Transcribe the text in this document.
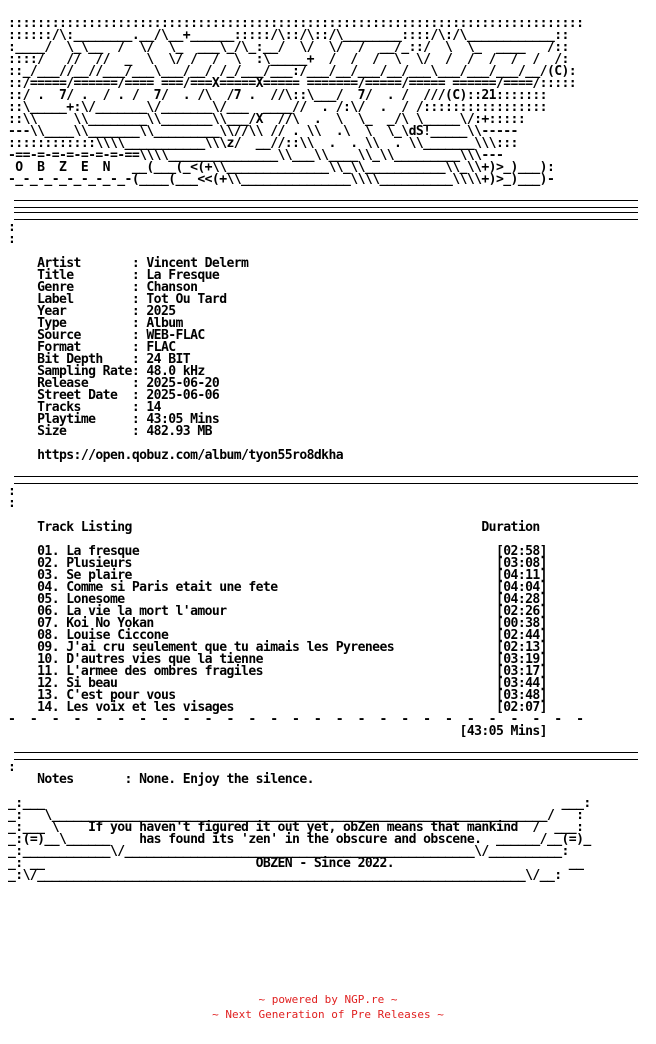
:::::::::::::::::::::::::::::::::::::::::::::::::::::::::::::::::::::::::::::::
::::::/\:________.__/\__+______:::::/\::/\::/\________::::/\:/\____________::
:____/  \_\__  /  \/  \_  ___\_/\_:__/  \/  \/  /  __/_::/  \  \_  ____   /::
::::/   //  //  _  \  \/ /  /  \  :\_____+  /  /  /  \  \/  /  /  /  /  /  /:
::_/___//__//___/___\___/__/ /_/___/___:/___/__/___/__/___\___/___/___/__/(C):
::/=====/======/==== ===/===X=====X===== =======/=====/===== ======/====/:::::
::/ .  7/ .  / . /  7/  . /\  /7 .  //\::\___/  7/  . /  ///(C)::21:::::::
::\_____+:\/_______\/_______\/___  ____//  . /:\/  .  / /:::::::::::::::::
::\\     \\________\\_______\\___/X  //\  .  \  \_  _/\ \_____\/:+:::::
---\\____\\_______\\_________\\//\\ // . \\  .\  \  \_\dS!_____\\-----
::::::::::::\\\\___________\\\z/  __//::\\  .  . \\  . \\_______\\\:::
-==-=-=-=-=-=-=-==\\\\_______________\\___\\____\\_\\_________\\\---
O  B  Z  E  N   __(___(_<(+\\______________\\_\\___________\\_\\+)>_)___):
-_-_-_-_-_-_-_-_-(____(___<<(+\\_______________\\\\__________\\\\+)>_)___)-
:
:
Artist       : Vincent Delerm
Title        : La Fresque
Genre        : Chanson
Label        : Tot Ou Tard
Year         : 2025
Type         : Album
Source       : WEB-FLAC
Format       : FLAC
Bit Depth    : 24 BIT
Sampling Rate: 48.0 kHz
Release      : 2025-06-20
Street Date  : 2025-06-06
Tracks       : 14
Playtime     : 43:05 Mins
Size         : 482.93 MB
https://open.qobuz.com/album/tyon55ro8dkha
:
:
Track Listing                                                Duration
01. La fresque                                                 [02:58]
02. Plusieurs                                                  [03:08]
03. Se plaire                                                  [04:11]
04. Comme si Paris etait une fete                              [04:04]
05. Lonesome                                                   [04:28]
06. La vie la mort l'amour                                     [02:26]
07. Koi No Yokan                                               [00:38]
08. Louise Ciccone                                             [02:44]
09. J'ai cru seulement que tu aimais les Pyrenees              [02:13]
10. D'autres vies que la tienne                                [03:19]
11. L'armee des ombres fragiles                                [03:17]
12. Si beau                                                    [03:44]
13. C'est pour vous                                            [03:48]
14. Les voix et les visages                                    [02:07]
-  -  -  -  -  -  -  -  -  -  -  -  -  -  -  -  -  -  -  -  -  -  -  -  -  -  -
[43:05 Mins]
:
Notes       : None. Enjoy the silence.
_:___                                                                       ___:
_:   \____________________________________________________________________/   :
_:___ \    If you haven't figured it out yet, obZen means that mankind  /  ___:
_:(=)__\______    has found its 'zen' in the obscure and obscene.  ______/__(=)_
_:____________\/________________________________________________\/__________:
_: __                             OBZEN - Since 2022.                        __
_:\/___________________________________________________________________\/__:
~ powered by NGP.re ~
~ Next Generation of Pre Releases ~
